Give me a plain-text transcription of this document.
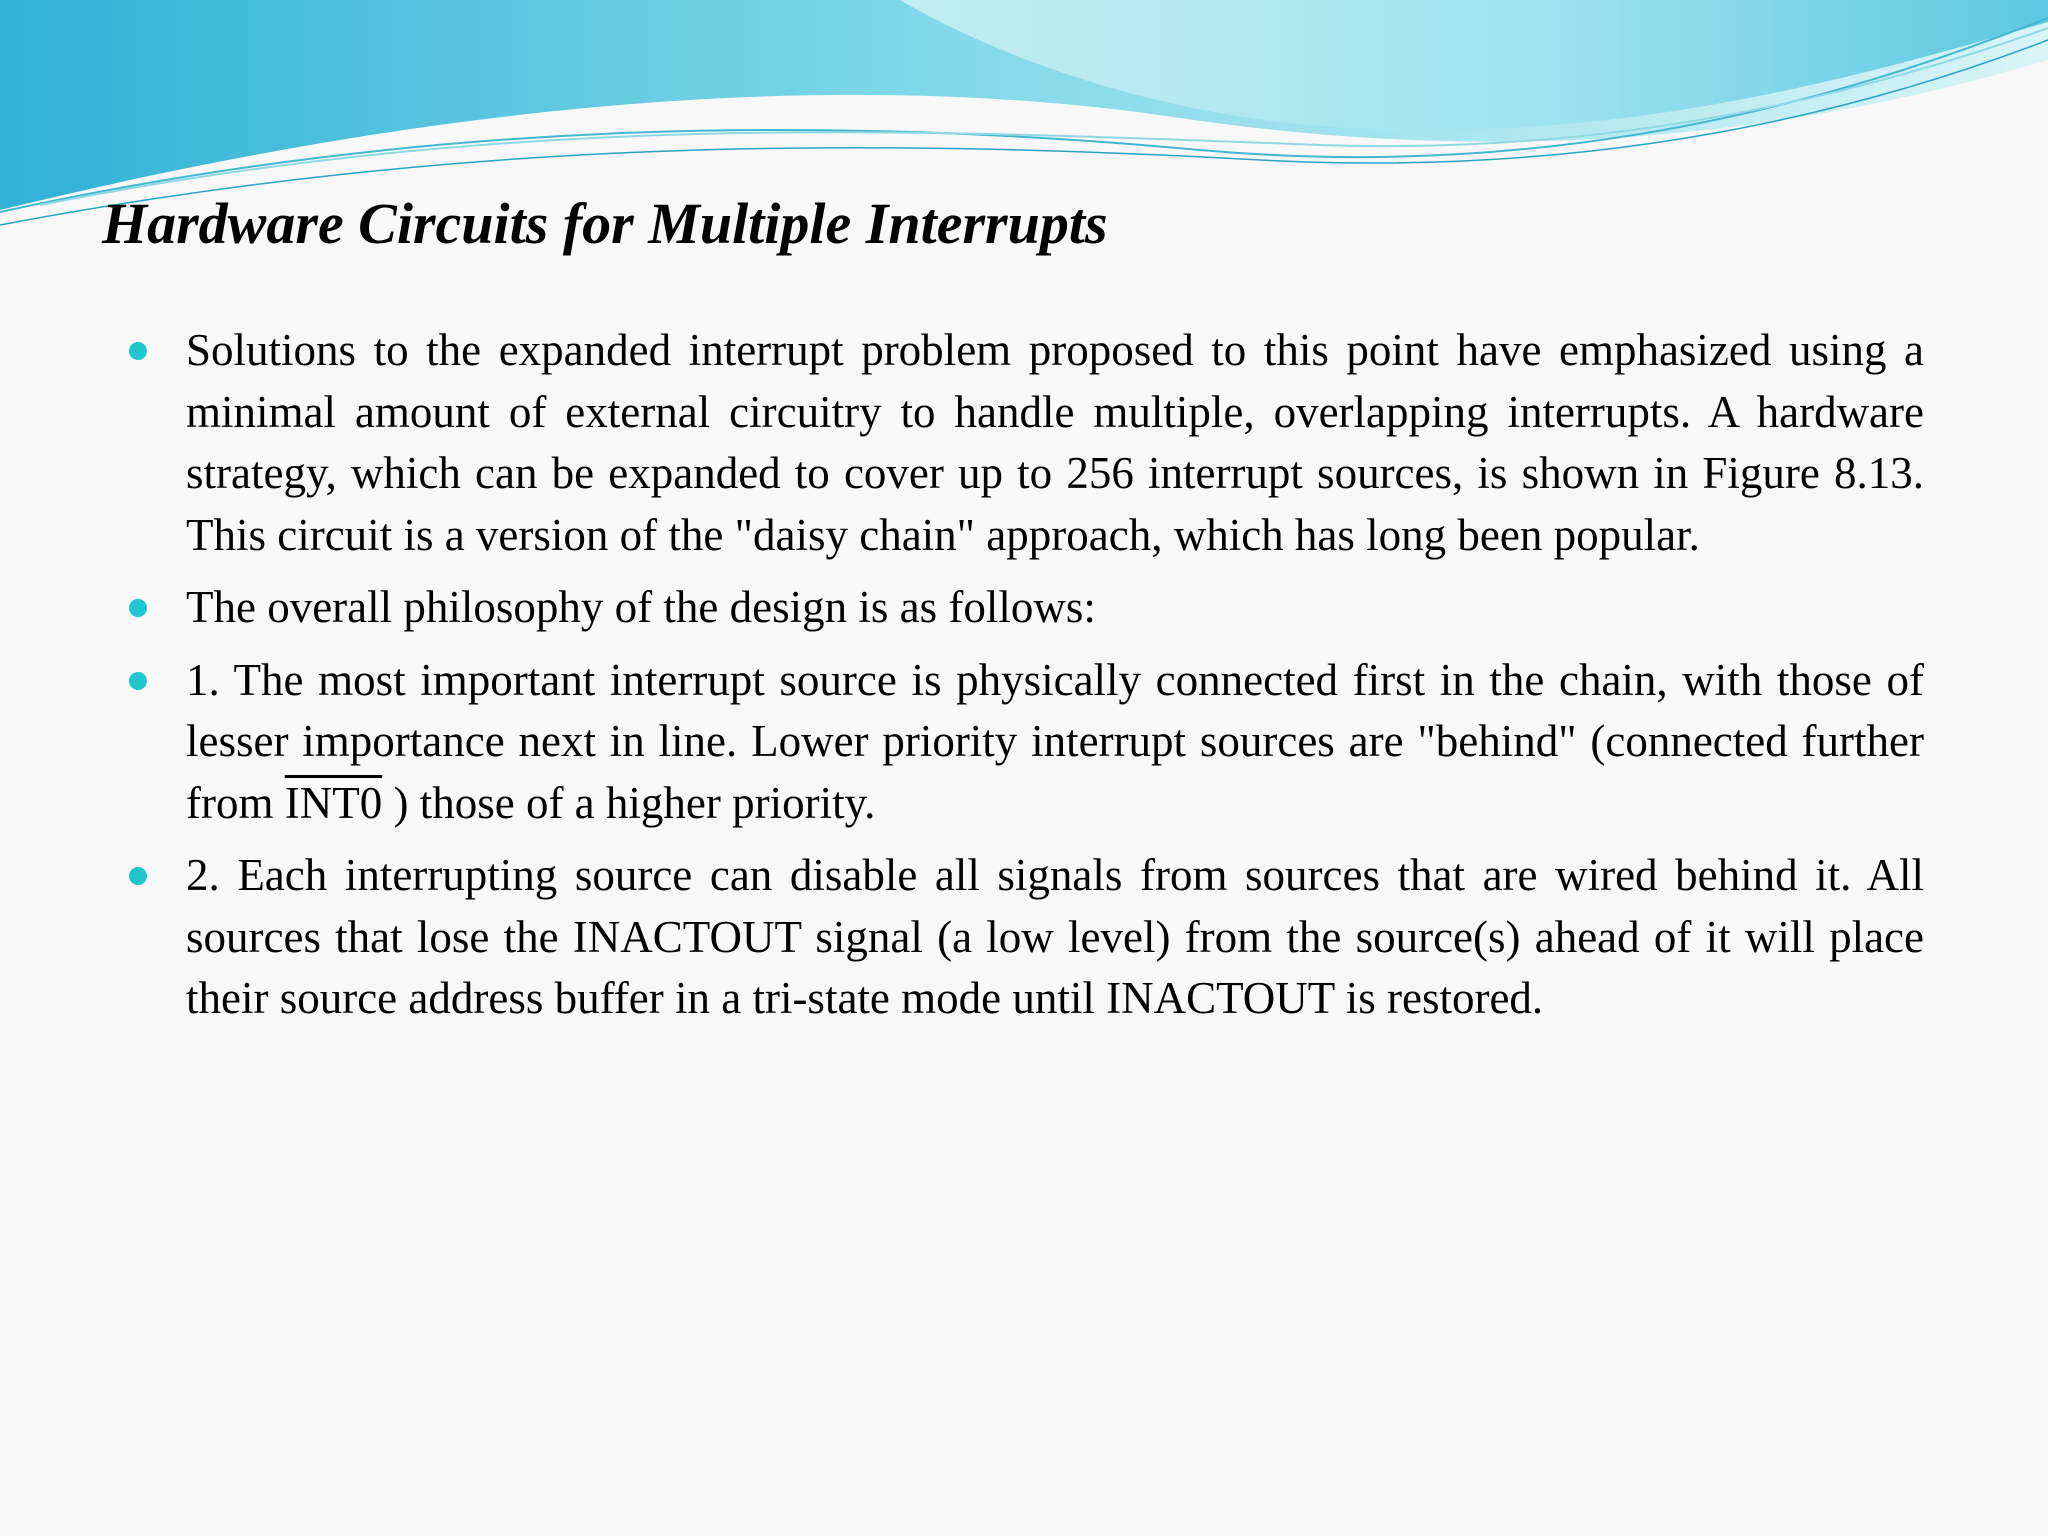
Hardware Circuits for Multiple Interrupts
Solutions to the expanded interrupt problem proposed to this point have emphasized using a minimal amount of external circuitry to handle multiple, overlapping interrupts. A hardware strategy, which can be expanded to cover up to 256 interrupt sources, is shown in Figure 8.13. This circuit is a version of the "daisy chain" approach, which has long been popular.
The overall philosophy of the design is as follows:
1. The most important interrupt source is physically connected first in the chain, with those of lesser importance next in line. Lower priority interrupt sources are "behind" (connected further from INT0 ) those of a higher priority.
2. Each interrupting source can disable all signals from sources that are wired behind it. All sources that lose the INACTOUT signal (a low level) from the source(s) ahead of it will place their source address buffer in a tri-state mode until INACTOUT is restored.
